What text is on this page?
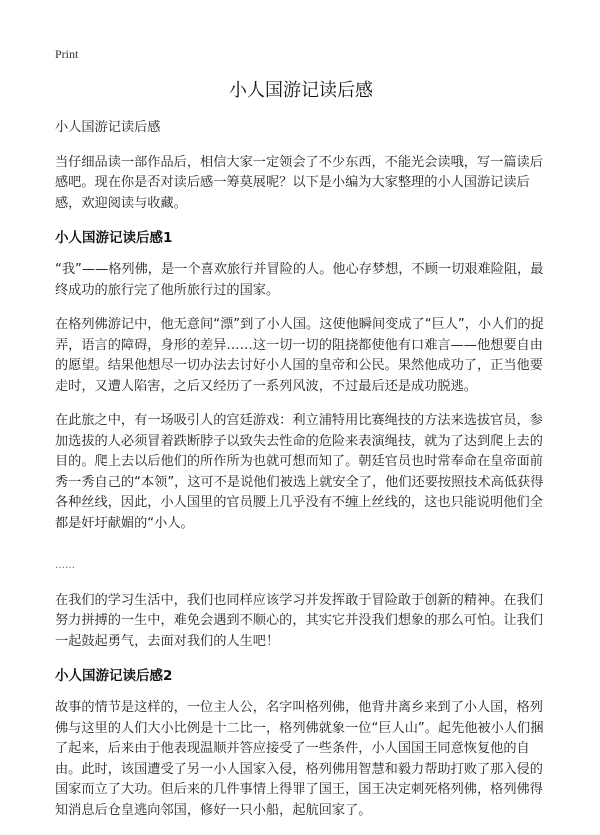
Print
小人国游记读后感

小人国游记读后感

当仔细品读一部作品后，相信大家一定领会了不少东西，不能光会读哦，写一篇读后感吧。现在你是否对读后感一筹莫展呢？以下是小编为大家整理的小人国游记读后感，欢迎阅读与收藏。

小人国游记读后感1

“我”——格列佛，是一个喜欢旅行并冒险的人。他心存梦想，不顾一切艰难险阻，最终成功的旅行完了他所旅行过的国家。

在格列佛游记中，他无意间“漂”到了小人国。这使他瞬间变成了“巨人”，小人们的捉弄，语言的障碍，身形的差异……这一切一切的阻挠都使他有口难言——他想要自由的愿望。结果他想尽一切办法去讨好小人国的皇帝和公民。果然他成功了，正当他要走时，又遭人陷害，之后又经历了一系列风波，不过最后还是成功脱逃。

在此旅之中，有一场吸引人的宫廷游戏：利立浦特用比赛绳技的方法来选拔官员，参加选拔的人必须冒着跌断脖子以致失去性命的危险来表演绳技，就为了达到爬上去的目的。爬上去以后他们的所作所为也就可想而知了。朝廷官员也时常奉命在皇帝面前秀一秀自己的“本领”，这可不是说他们被选上就安全了，他们还要按照技术高低获得各种丝线，因此，小人国里的官员腰上几乎没有不缠上丝线的，这也只能说明他们全都是奸圩献媚的“小人。

……

在我们的学习生活中，我们也同样应该学习并发挥敢于冒险敢于创新的精神。在我们努力拼搏的一生中，难免会遇到不顺心的，其实它并没我们想象的那么可怕。让我们一起鼓起勇气，去面对我们的人生吧！

小人国游记读后感2

故事的情节是这样的，一位主人公，名字叫格列佛，他背井离乡来到了小人国，格列佛与这里的人们大小比例是十二比一，格列佛就象一位“巨人山”。起先他被小人们捆了起来，后来由于他表现温顺并答应接受了一些条件，小人国国王同意恢复他的自由。此时，该国遭受了另一小人国家入侵，格列佛用智慧和毅力帮助打败了那入侵的国家而立了大功。但后来的几件事情上得罪了国王，国王决定刺死格列佛，格列佛得知消息后仓皇逃向邻国，修好一只小船，起航回家了。
